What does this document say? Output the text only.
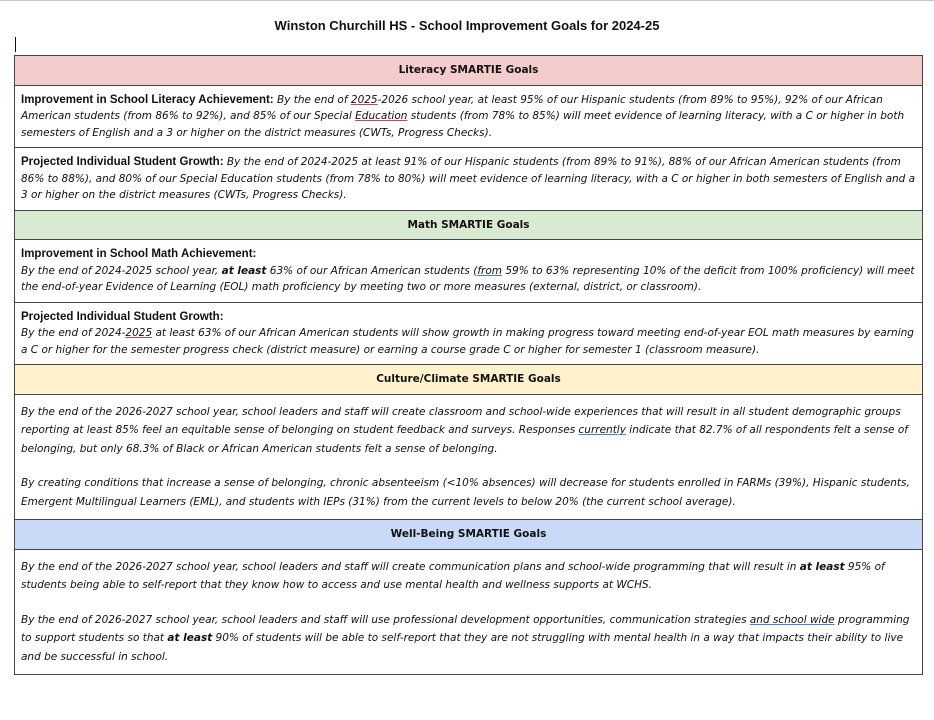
Winston Churchill HS - School Improvement Goals for 2024-25
Literacy SMARTIE Goals
Improvement in School Literacy Achievement: By the end of 2025-2026 school year, at least 95% of our Hispanic students (from 89% to 95%), 92% of our African American students (from 86% to 92%), and 85% of our Special Education students (from 78% to 85%) will meet evidence of learning literacy, with a C or higher in both semesters of English and a 3 or higher on the district measures (CWTs, Progress Checks).
Projected Individual Student Growth: By the end of 2024-2025 at least 91% of our Hispanic students (from 89% to 91%), 88% of our African American students (from 86% to 88%), and 80% of our Special Education students (from 78% to 80%) will meet evidence of learning literacy, with a C or higher in both semesters of English and a 3 or higher on the district measures (CWTs, Progress Checks).
Math SMARTIE Goals

Improvement in School Math Achievement:
By the end of 2024-2025 school year, at least 63% of our African American students (from 59% to 63% representing 10% of the deficit from 100% proficiency) will meet the end-of-year Evidence of Learning (EOL) math proficiency by meeting two or more measures (external, district, or classroom).

Projected Individual Student Growth:
By the end of 2024-2025 at least 63% of our African American students will show growth in making progress toward meeting end-of-year EOL math measures by earning a C or higher for the semester progress check (district measure) or earning a course grade C or higher for semester 1 (classroom measure).
Culture/Climate SMARTIE Goals

By the end of the 2026-2027 school year, school leaders and staff will create classroom and school-wide experiences that will result in all student demographic groups reporting at least 85% feel an equitable sense of belonging on student feedback and surveys. Responses currently indicate that 82.7% of all respondents felt a sense of belonging, but only 68.3% of Black or African American students felt a sense of belonging.

By creating conditions that increase a sense of belonging, chronic absenteeism (<10% absences) will decrease for students enrolled in FARMs (39%), Hispanic students, Emergent Multilingual Learners (EML), and students with IEPs (31%) from the current levels to below 20% (the current school average).

Well-Being SMARTIE Goals

By the end of the 2026-2027 school year, school leaders and staff will create communication plans and school-wide programming that will result in at least 95% of students being able to self-report that they know how to access and use mental health and wellness supports at WCHS.

By the end of 2026-2027 school year, school leaders and staff will use professional development opportunities, communication strategies and school wide programming to support students so that at least 90% of students will be able to self-report that they are not struggling with mental health in a way that impacts their ability to live and be successful in school.
